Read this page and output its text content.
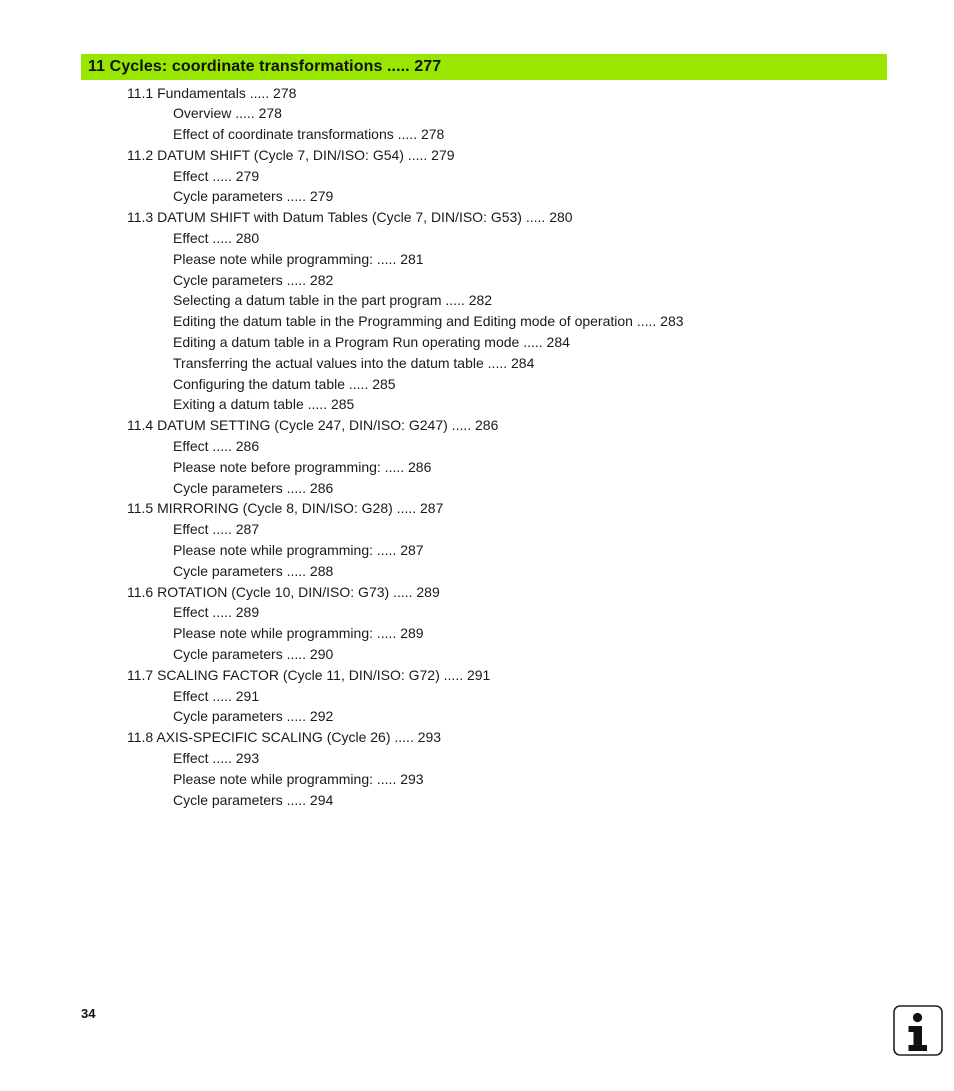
11 Cycles: coordinate transformations ..... 277
11.1 Fundamentals ..... 278
Overview ..... 278
Effect of coordinate transformations ..... 278
11.2 DATUM SHIFT (Cycle 7, DIN/ISO: G54) ..... 279
Effect ..... 279
Cycle parameters ..... 279
11.3 DATUM SHIFT with Datum Tables (Cycle 7, DIN/ISO: G53) ..... 280
Effect ..... 280
Please note while programming: ..... 281
Cycle parameters ..... 282
Selecting a datum table in the part program ..... 282
Editing the datum table in the Programming and Editing mode of operation ..... 283
Editing a datum table in a Program Run operating mode ..... 284
Transferring the actual values into the datum table ..... 284
Configuring the datum table ..... 285
Exiting a datum table ..... 285
11.4 DATUM SETTING (Cycle 247, DIN/ISO: G247) ..... 286
Effect ..... 286
Please note before programming: ..... 286
Cycle parameters ..... 286
11.5 MIRRORING (Cycle 8, DIN/ISO: G28) ..... 287
Effect ..... 287
Please note while programming: ..... 287
Cycle parameters ..... 288
11.6 ROTATION (Cycle 10, DIN/ISO: G73) ..... 289
Effect ..... 289
Please note while programming: ..... 289
Cycle parameters ..... 290
11.7 SCALING FACTOR (Cycle 11, DIN/ISO: G72) ..... 291
Effect ..... 291
Cycle parameters ..... 292
11.8 AXIS-SPECIFIC SCALING (Cycle 26) ..... 293
Effect ..... 293
Please note while programming: ..... 293
Cycle parameters ..... 294
34
